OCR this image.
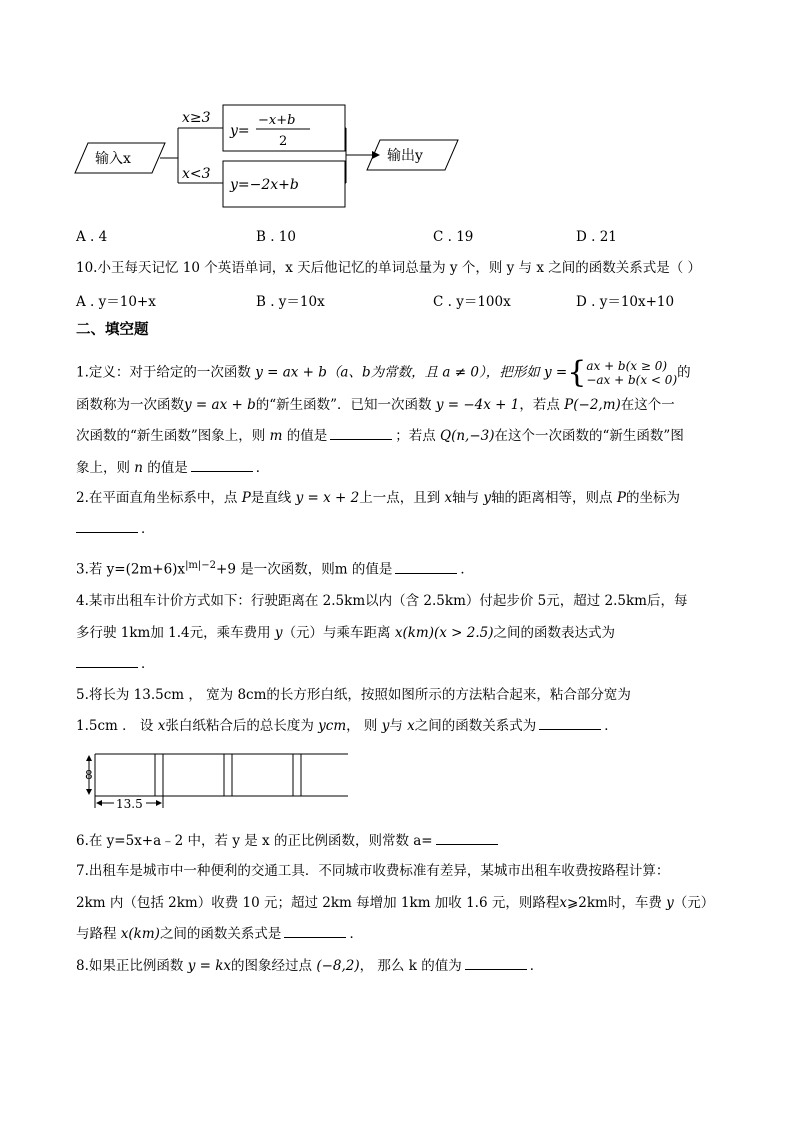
输入x
x≥3
x<3
y=
−x+b
2
y=−2x+b
输出y
A . 4	B . 10	C . 19	D . 21
10.小王每天记忆 10 个英语单词，x 天后他记忆的单词总量为 y 个，则 y 与 x 之间的函数关系式是（ ）
A . y＝10+x	B . y＝10x	C . y＝100x	D . y＝10x+10
二、填空题
1.定义：对于给定的一次函数 y = ax + b（a、b为常数，且 a ≠ 0），把形如 y ={ax + b(x ≥ 0)
−ax + b(x < 0)的
函数称为一次函数y = ax + b的“新生函数”．已知一次函数 y = −4x + 1，若点 P(−2,m)在这个一
次函数的“新生函数”图象上，则 m 的值是	；若点 Q(n,−3)在这个一次函数的“新生函数”图
象上，则 n 的值是	．
2.在平面直角坐标系中，点 P是直线 y = x + 2上一点，且到 x轴与 y轴的距离相等，则点 P的坐标为
．
3.若 $y=(2m+6)x^{|m|-2}+9$ 是一次函数，则m 的值是	．
4.某市出租车计价方式如下：行驶距离在 2.5km以内（含 2.5km）付起步价 5元，超过 2.5km后，每
多行驶 1km加 1.4元，乘车费用 y（元）与乘车距离 x(km)(x > 2.5)之间的函数表达式为
．
5.将长为 13.5cm ， 宽为 8cm的长方形白纸，按照如图所示的方法粘合起来，粘合部分宽为
1.5cm ． 设 x张白纸粘合后的总长度为 ycm， 则 y与 x之间的函数关系式为	．
8
13.5
6.在 y=5x+a﹣2 中，若 y 是 x 的正比例函数，则常数 a=
7.出租车是城市中一种便利的交通工具．不同城市收费标准有差异，某城市出租车收费按路程计算：
2km 内（包括 2km）收费 10 元；超过 2km 每增加 1km 加收 1.6 元，则路程x⩾2km时，车费 y（元）
与路程 x(km)之间的函数关系式是	．
8.如果正比例函数 y = kx的图象经过点 (−8,2)， 那么 k 的值为	．
